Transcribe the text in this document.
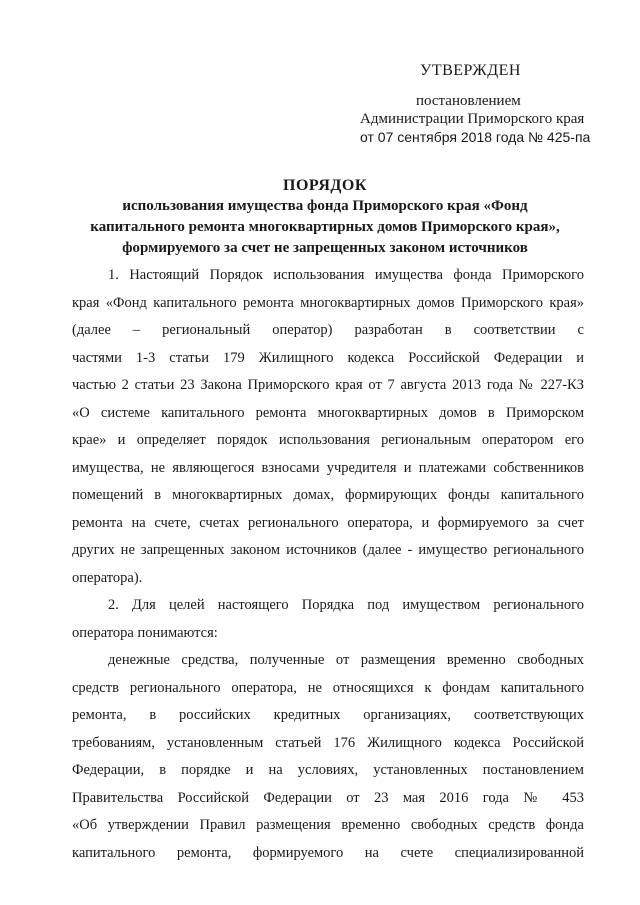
УТВЕРЖДЕН
постановлением
Администрации Приморского края
от 07 сентября 2018 года № 425-па
ПОРЯДОК
использования имущества фонда Приморского края «Фонд
капитального ремонта многоквартирных домов Приморского края»,
формируемого за счет не запрещенных законом источников
1. Настоящий Порядок использования имущества фонда Приморского
края «Фонд капитального ремонта многоквартирных домов Приморского края»
(далее – региональный оператор) разработан в соответствии с
частями 1-3 статьи 179 Жилищного кодекса Российской Федерации и
частью 2 статьи 23 Закона Приморского края от 7 августа 2013 года № 227-КЗ
«О системе капитального ремонта многоквартирных домов в Приморском
крае» и определяет порядок использования региональным оператором его
имущества, не являющегося взносами учредителя и платежами собственников
помещений в многоквартирных домах, формирующих фонды капитального
ремонта на счете, счетах регионального оператора, и формируемого за счет
других не запрещенных законом источников (далее - имущество регионального
оператора).
2. Для целей настоящего Порядка под имуществом регионального
оператора понимаются:
денежные средства, полученные от размещения временно свободных
средств регионального оператора, не относящихся к фондам капитального
ремонта, в российских кредитных организациях, соответствующих
требованиям, установленным статьей 176 Жилищного кодекса Российской
Федерации, в порядке и на условиях, установленных постановлением
Правительства Российской Федерации от 23 мая 2016 года № 453
«Об утверждении Правил размещения временно свободных средств фонда
капитального ремонта, формируемого на счете специализированной
